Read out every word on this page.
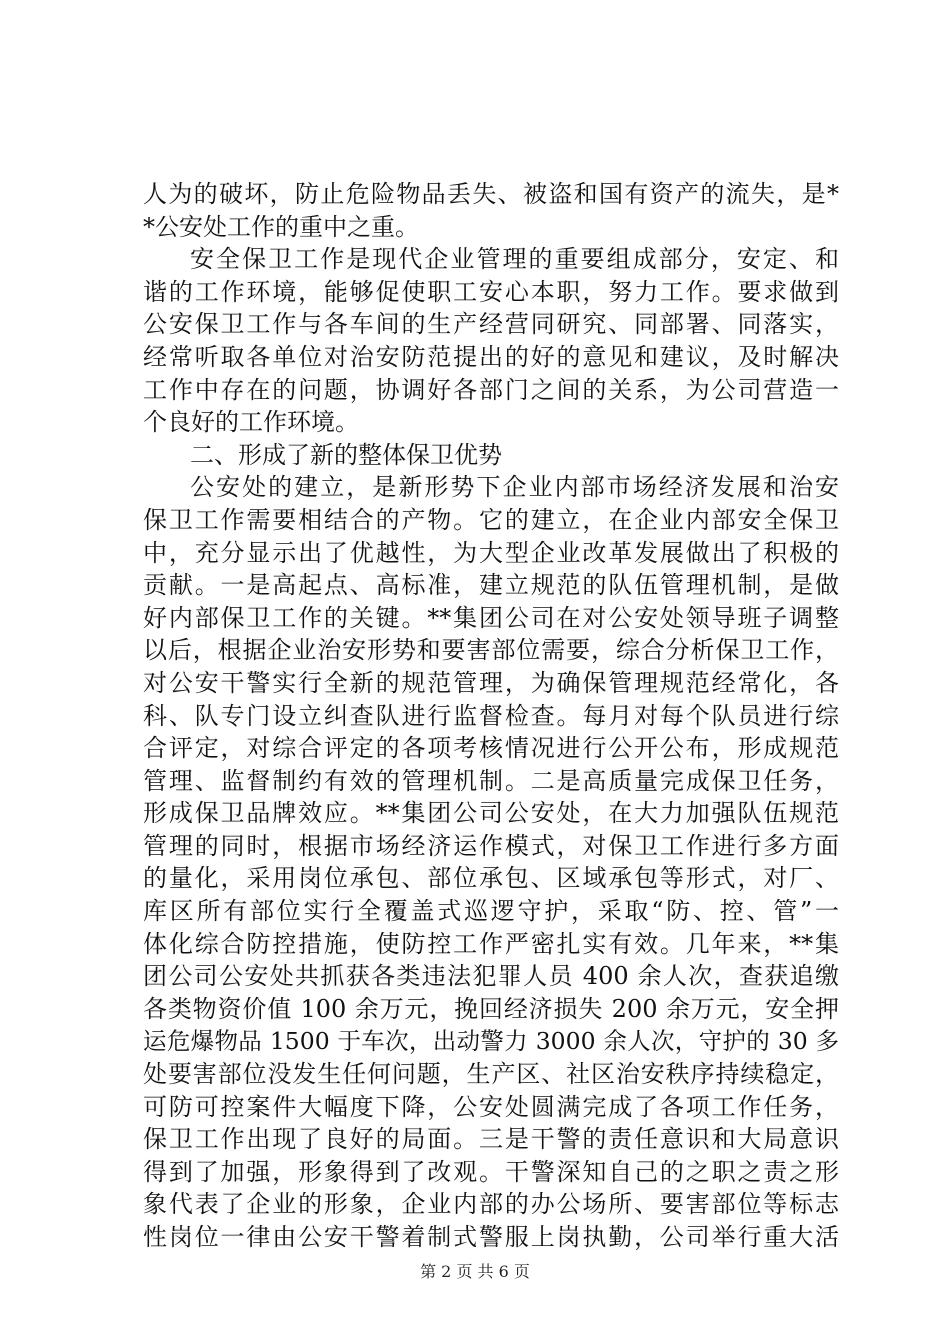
人为的破坏，防止危险物品丢失、被盗和国有资产的流失，是*
*公安处工作的重中之重。
安全保卫工作是现代企业管理的重要组成部分，安定、和
谐的工作环境，能够促使职工安心本职，努力工作。要求做到
公安保卫工作与各车间的生产经营同研究、同部署、同落实，
经常听取各单位对治安防范提出的好的意见和建议，及时解决
工作中存在的问题，协调好各部门之间的关系，为公司营造一
个良好的工作环境。
二、形成了新的整体保卫优势
公安处的建立，是新形势下企业内部市场经济发展和治安
保卫工作需要相结合的产物。它的建立，在企业内部安全保卫
中，充分显示出了优越性，为大型企业改革发展做出了积极的
贡献。一是高起点、高标准，建立规范的队伍管理机制，是做
好内部保卫工作的关键。**集团公司在对公安处领导班子调整
以后，根据企业治安形势和要害部位需要，综合分析保卫工作，
对公安干警实行全新的规范管理，为确保管理规范经常化，各
科、队专门设立纠查队进行监督检查。每月对每个队员进行综
合评定，对综合评定的各项考核情况进行公开公布，形成规范
管理、监督制约有效的管理机制。二是高质量完成保卫任务，
形成保卫品牌效应。**集团公司公安处，在大力加强队伍规范
管理的同时，根据市场经济运作模式，对保卫工作进行多方面
的量化，采用岗位承包、部位承包、区域承包等形式，对厂、
库区所有部位实行全覆盖式巡逻守护，采取“防、控、管”一
体化综合防控措施，使防控工作严密扎实有效。几年来，**集
团公司公安处共抓获各类违法犯罪人员 400 余人次，查获追缴
各类物资价值 100 余万元，挽回经济损失 200 余万元，安全押
运危爆物品 1500 于车次，出动警力 3000 余人次，守护的 30 多
处要害部位没发生任何问题，生产区、社区治安秩序持续稳定，
可防可控案件大幅度下降，公安处圆满完成了各项工作任务，
保卫工作出现了良好的局面。三是干警的责任意识和大局意识
得到了加强，形象得到了改观。干警深知自己的之职之责之形
象代表了企业的形象，企业内部的办公场所、要害部位等标志
性岗位一律由公安干警着制式警服上岗执勤，公司举行重大活
第 2 页 共 6 页
